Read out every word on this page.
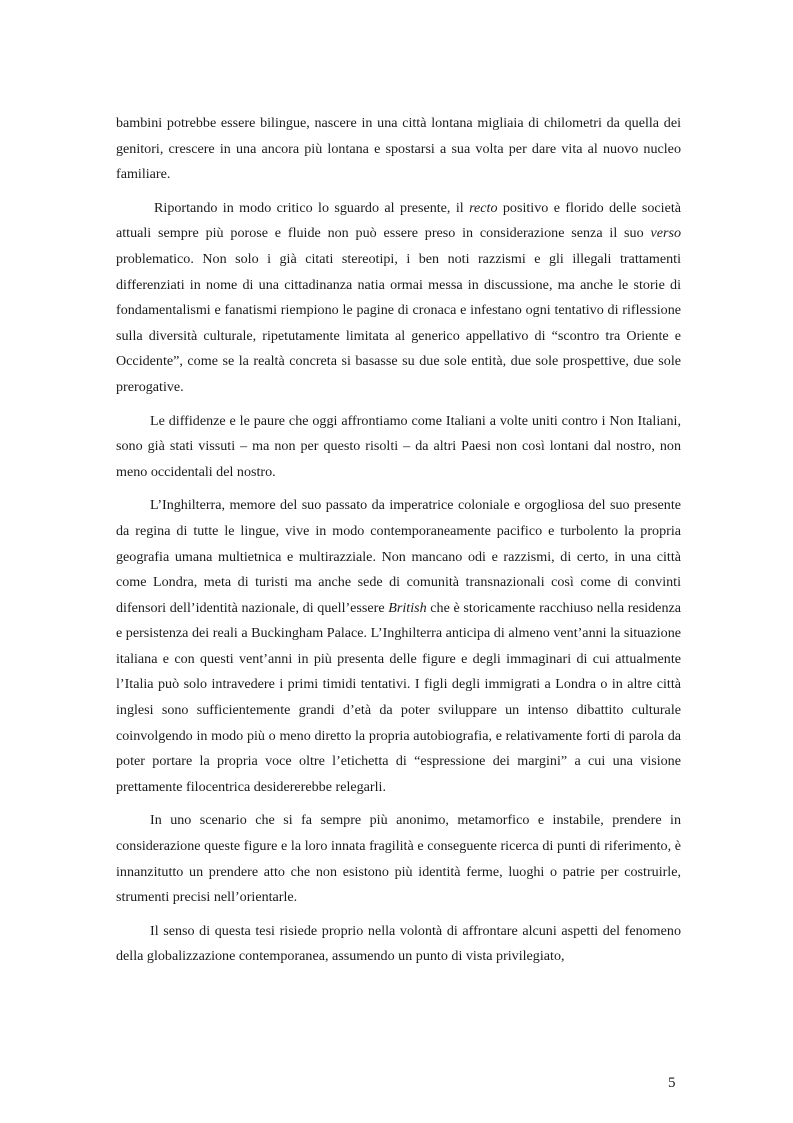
bambini potrebbe essere bilingue, nascere in una città lontana migliaia di chilometri da quella dei genitori, crescere in una ancora più lontana e spostarsi a sua volta per dare vita al nuovo nucleo familiare.

Riportando in modo critico lo sguardo al presente, il recto positivo e florido delle società attuali sempre più porose e fluide non può essere preso in considerazione senza il suo verso problematico. Non solo i già citati stereotipi, i ben noti razzismi e gli illegali trattamenti differenziati in nome di una cittadinanza natia ormai messa in discussione, ma anche le storie di fondamentalismi e fanatismi riempiono le pagine di cronaca e infestano ogni tentativo di riflessione sulla diversità culturale, ripetutamente limitata al generico appellativo di “scontro tra Oriente e Occidente”, come se la realtà concreta si basasse su due sole entità, due sole prospettive, due sole prerogative.

Le diffidenze e le paure che oggi affrontiamo come Italiani a volte uniti contro i Non Italiani, sono già stati vissuti – ma non per questo risolti – da altri Paesi non così lontani dal nostro, non meno occidentali del nostro.

L’Inghilterra, memore del suo passato da imperatrice coloniale e orgogliosa del suo presente da regina di tutte le lingue, vive in modo contemporaneamente pacifico e turbolento la propria geografia umana multietnica e multirazziale. Non mancano odi e razzismi, di certo, in una città come Londra, meta di turisti ma anche sede di comunità transnazionali così come di convinti difensori dell’identità nazionale, di quell’essere British che è storicamente racchiuso nella residenza e persistenza dei reali a Buckingham Palace. L’Inghilterra anticipa di almeno vent’anni la situazione italiana e con questi vent’anni in più presenta delle figure e degli immaginari di cui attualmente l’Italia può solo intravedere i primi timidi tentativi. I figli degli immigrati a Londra o in altre città inglesi sono sufficientemente grandi d’età da poter sviluppare un intenso dibattito culturale coinvolgendo in modo più o meno diretto la propria autobiografia, e relativamente forti di parola da poter portare la propria voce oltre l’etichetta di “espressione dei margini” a cui una visione prettamente filocentrica desidererebbe relegarli.

In uno scenario che si fa sempre più anonimo, metamorfico e instabile, prendere in considerazione queste figure e la loro innata fragilità e conseguente ricerca di punti di riferimento, è innanzitutto un prendere atto che non esistono più identità ferme, luoghi o patrie per costruirle, strumenti precisi nell’orientarle.

Il senso di questa tesi risiede proprio nella volontà di affrontare alcuni aspetti del fenomeno della globalizzazione contemporanea, assumendo un punto di vista privilegiato,

5
